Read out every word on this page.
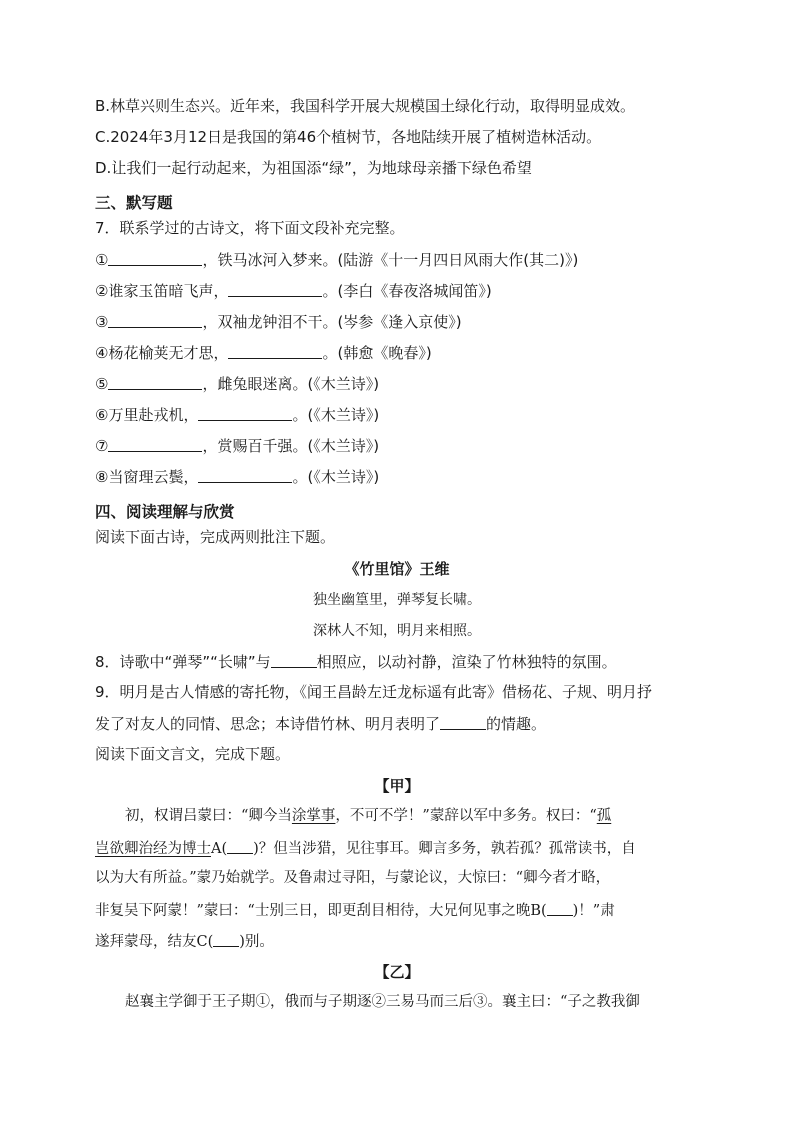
B.林草兴则生态兴。近年来，我国科学开展大规模国土绿化行动，取得明显成效。
C.2024年3月12日是我国的第46个植树节，各地陆续开展了植树造林活动。
D.让我们一起行动起来，为祖国添“绿”，为地球母亲播下绿色希望
三、默写题
7．联系学过的古诗文，将下面文段补充完整。
①	，铁马冰河入梦来。(陆游《十一月四日风雨大作(其二)》)
②谁家玉笛暗飞声，	。(李白《春夜洛城闻笛》)
③	，双袖龙钟泪不干。(岑参《逢入京使》)
④杨花榆荚无才思，	。(韩愈《晚春》)
⑤	，雌兔眼迷离。(《木兰诗》)
⑥万里赴戎机，	。(《木兰诗》)
⑦	，赏赐百千强。(《木兰诗》)
⑧当窗理云鬓，	。(《木兰诗》)
四、阅读理解与欣赏
阅读下面古诗，完成两则批注下题。
《竹里馆》王维
独坐幽篁里，弹琴复长啸。
深林人不知，明月来相照。
8．诗歌中“弹琴”“长啸”与	相照应，以动衬静，渲染了竹林独特的氛围。
9．明月是古人情感的寄托物，《闻王昌龄左迁龙标遥有此寄》借杨花、子规、明月抒
发了对友人的同情、思念；本诗借竹林、明月表明了	的情趣。
阅读下面文言文，完成下题。
【甲】
初，权谓吕蒙曰：“卿今当涂掌事，不可不学！”蒙辞以军中多务。权曰：“孤
岂欲卿治经为博士A( )？但当涉猎，见往事耳。卿言多务，孰若孤？孤常读书，自
以为大有所益。”蒙乃始就学。及鲁肃过寻阳，与蒙论议，大惊曰：“卿今者才略，
非复吴下阿蒙！”蒙曰：“士别三日，即更刮目相待，大兄何见事之晚B( )！”肃
遂拜蒙母，结友C( )别。
【乙】
赵襄主学御于王子期①，俄而与子期逐②三易马而三后③。襄主曰：“子之教我御
